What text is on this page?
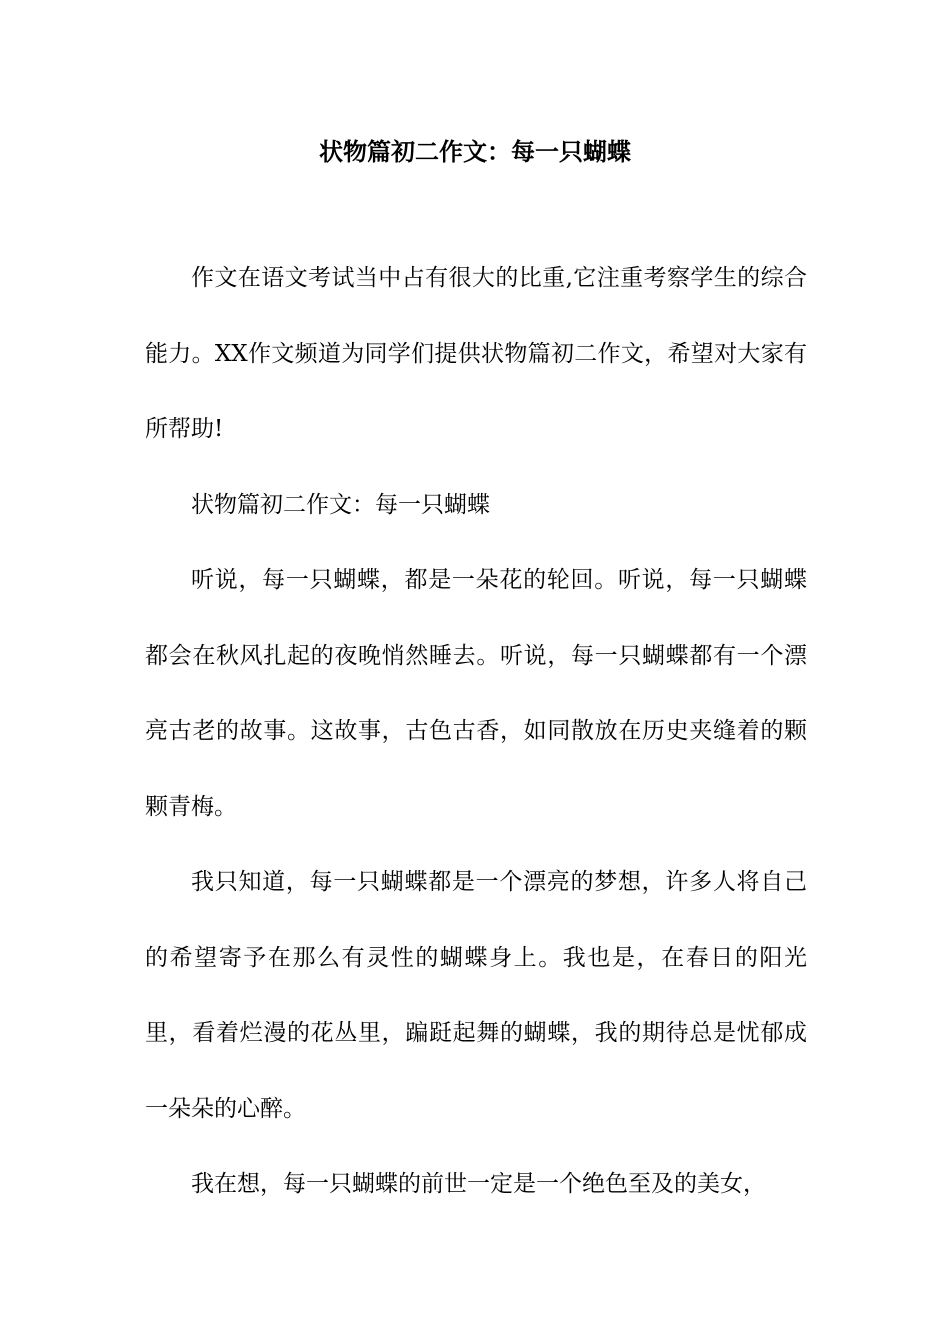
状物篇初二作文：每一只蝴蝶

作文在语文考试当中占有很大的比重,它注重考察学生的综合能力。XX作文频道为同学们提供状物篇初二作文，希望对大家有所帮助!

状物篇初二作文：每一只蝴蝶

听说，每一只蝴蝶，都是一朵花的轮回。听说，每一只蝴蝶都会在秋风扎起的夜晚悄然睡去。听说，每一只蝴蝶都有一个漂亮古老的故事。这故事，古色古香，如同散放在历史夹缝着的颗颗青梅。

我只知道，每一只蝴蝶都是一个漂亮的梦想，许多人将自己的希望寄予在那么有灵性的蝴蝶身上。我也是，在春日的阳光里，看着烂漫的花丛里，蹁跹起舞的蝴蝶，我的期待总是忧郁成一朵朵的心醉。

我在想，每一只蝴蝶的前世一定是一个绝色至及的美女，
